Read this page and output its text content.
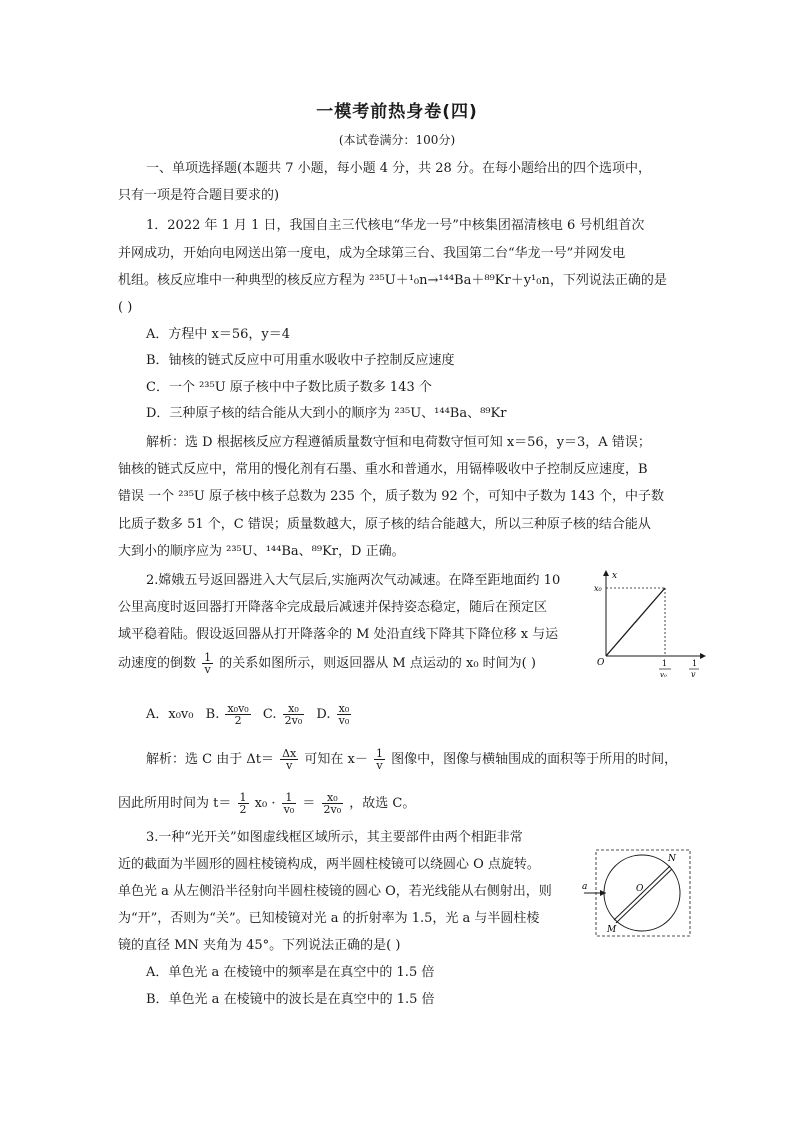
一模考前热身卷(四)
(本试卷满分：100分)
一、单项选择题(本题共 7 小题，每小题 4 分，共 28 分。在每小题给出的四个选项中，
只有一项是符合题目要求的)
1．2022 年 1 月 1 日，我国自主三代核电“华龙一号”中核集团福清核电 6 号机组首次
并网成功，开始向电网送出第一度电，成为全球第三台、我国第二台“华龙一号”并网发电
机组。核反应堆中一种典型的核反应方程为 ²³⁵U＋¹₀n→¹⁴⁴Ba＋⁸⁹Kr＋y¹₀n，下列说法正确的是
( )
A．方程中 x＝56，y＝4
B．铀核的链式反应中可用重水吸收中子控制反应速度
C．一个 ²³⁵U 原子核中中子数比质子数多 143 个
D．三种原子核的结合能从大到小的顺序为 ²³⁵U、¹⁴⁴Ba、⁸⁹Kr
解析：选 D 根据核反应方程遵循质量数守恒和电荷数守恒可知 x＝56，y＝3，A 错误；
铀核的链式反应中，常用的慢化剂有石墨、重水和普通水，用镉棒吸收中子控制反应速度，B
错误 一个 ²³⁵U 原子核中核子总数为 235 个，质子数为 92 个，可知中子数为 143 个，中子数
比质子数多 51 个，C 错误；质量数越大，原子核的结合能越大，所以三种原子核的结合能从
大到小的顺序应为 ²³⁵U、¹⁴⁴Ba、⁸⁹Kr，D 正确。
2.嫦娥五号返回器进入大气层后,实施两次气动减速。在降至距地面约 10
公里高度时返回器打开降落伞完成最后减速并保持姿态稳定，随后在预定区
域平稳着陆。假设返回器从打开降落伞的 M 处沿直线下降其下降位移 x 与运
动速度的倒数 $\frac{1}{v}$ 的关系如图所示，则返回器从 M 点运动的 x₀ 时间为( )
A．x₀v₀ B. $\frac{\text{x₀v₀}}{2} C$. $\frac{\text{x₀}}{\text{2v₀}} D$. $\frac{\text{x₀}}{\text{v₀}}$
解析：选 C 由于 $\Delta t= \frac{\Delta x}{v}$ 可知在 $x- \frac{1}{v}$ 图像中，图像与横轴围成的面积等于所用的时间，
因此所用时间为 $t= \frac{1}{2} x_0 \cdot \frac{1}{\text{v₀}} = \frac{\text{x₀}}{\text{2v₀}}$ ，故选 C。
x
x₀
O	1
v₀
1
v
3.一种“光开关”如图虚线框区域所示，其主要部件由两个相距非常
近的截面为半圆形的圆柱棱镜构成，两半圆柱棱镜可以绕圆心 O 点旋转。
单色光 a 从左侧沿半径射向半圆柱棱镜的圆心 O，若光线能从右侧射出，则
为“开”，否则为“关”。已知棱镜对光 a 的折射率为 1.5，光 a 与半圆柱棱
镜的直径 MN 夹角为 45°。下列说法正确的是( )
A．单色光 a 在棱镜中的频率是在真空中的 1.5 倍
B．单色光 a 在棱镜中的波长是在真空中的 1.5 倍
a
N
O
M
